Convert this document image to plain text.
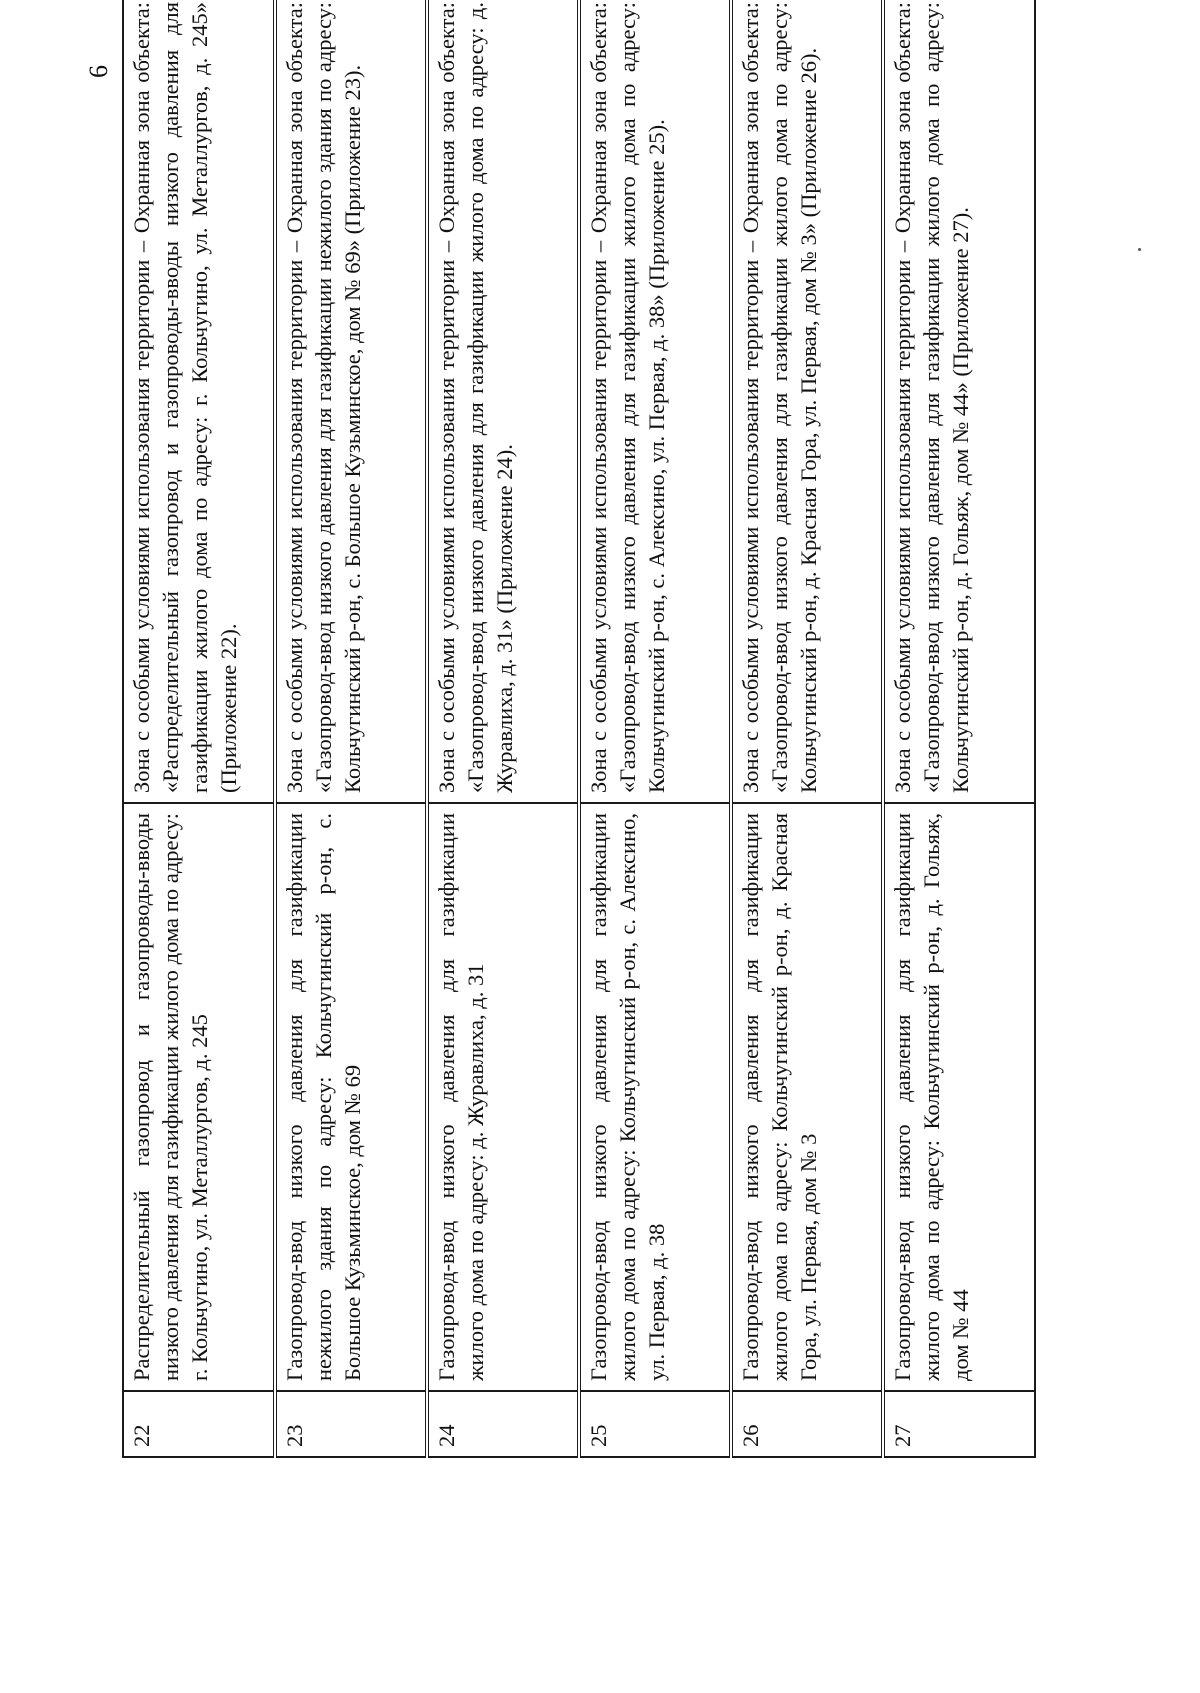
6
22	Распределительный газопровод и газопроводы-вводы низкого давления для газификации жилого дома по адресу: г. Кольчугино, ул. Металлургов, д. 245	Зона с особыми условиями использования территории – Охранная зона объекта: «Распределительный газопровод и газопроводы-вводы низкого давления для газификации жилого дома по адресу: г. Кольчугино, ул. Металлургов, д. 245» (Приложение 22).
23	Газопровод-ввод низкого давления для газификации нежилого здания по адресу: Кольчугинский р-он, с. Большое Кузьминское, дом № 69	Зона с особыми условиями использования территории – Охранная зона объекта: «Газопровод-ввод низкого давления для газификации нежилого здания по адресу: Кольчугинский р-он, с. Большое Кузьминское, дом № 69» (Приложение 23).
24	Газопровод-ввод низкого давления для газификации жилого дома по адресу: д. Журавлиха, д. 31	Зона с особыми условиями использования территории – Охранная зона объекта: «Газопровод-ввод низкого давления для газификации жилого дома по адресу: д. Журавлиха, д. 31» (Приложение 24).
25	Газопровод-ввод низкого давления для газификации жилого дома по адресу: Кольчугинский р-он, с. Алексино, ул. Первая, д. 38	Зона с особыми условиями использования территории – Охранная зона объекта: «Газопровод-ввод низкого давления для газификации жилого дома по адресу: Кольчугинский р-он, с. Алексино, ул. Первая, д. 38» (Приложение 25).
26	Газопровод-ввод низкого давления для газификации жилого дома по адресу: Кольчугинский р-он, д. Красная Гора, ул. Первая, дом № 3	Зона с особыми условиями использования территории – Охранная зона объекта: «Газопровод-ввод низкого давления для газификации жилого дома по адресу: Кольчугинский р-он, д. Красная Гора, ул. Первая, дом № 3» (Приложение 26).
27	Газопровод-ввод низкого давления для газификации жилого дома по адресу: Кольчугинский р-он, д. Гольяж, дом № 44	Зона с особыми условиями использования территории – Охранная зона объекта: «Газопровод-ввод низкого давления для газификации жилого дома по адресу: Кольчугинский р-он, д. Гольяж, дом № 44» (Приложение 27).
